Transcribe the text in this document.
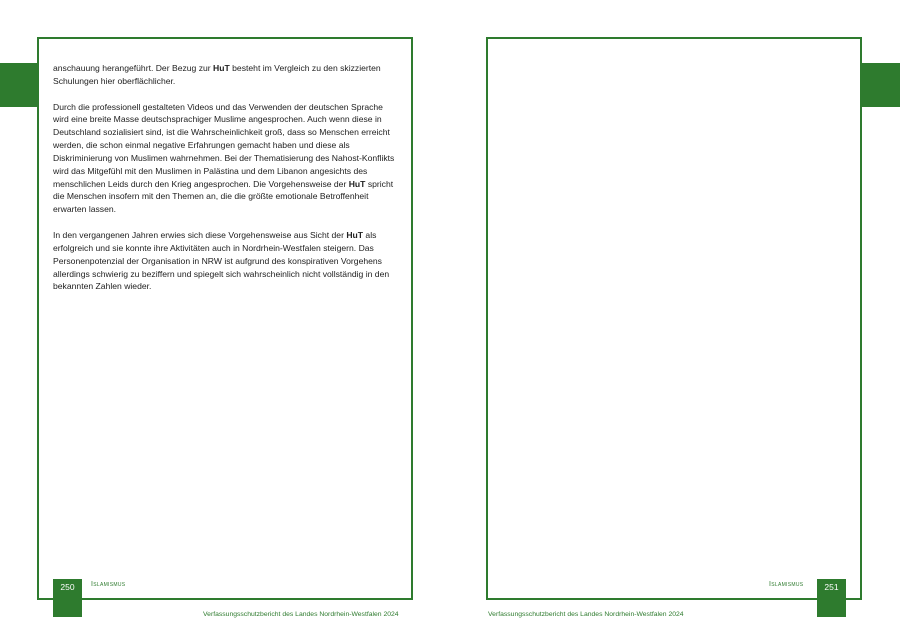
anschauung herangeführt. Der Bezug zur HuT besteht im Vergleich zu den skizzierten Schulungen hier oberflächlicher.

Durch die professionell gestalteten Videos und das Verwenden der deutschen Sprache wird eine breite Masse deutschsprachiger Muslime angesprochen. Auch wenn diese in Deutschland sozialisiert sind, ist die Wahrscheinlichkeit groß, dass so Menschen erreicht werden, die schon einmal negative Erfahrungen gemacht haben und diese als Diskriminierung von Muslimen wahrnehmen. Bei der Thematisierung des Nahost-Konflikts wird das Mitgefühl mit den Muslimen in Palästina und dem Libanon angesichts des menschlichen Leids durch den Krieg angesprochen. Die Vorgehensweise der HuT spricht die Menschen insofern mit den Themen an, die die größte emotionale Betroffenheit erwarten lassen.

In den vergangenen Jahren erwies sich diese Vorgehensweise aus Sicht der HuT als erfolgreich und sie konnte ihre Aktivitäten auch in Nordrhein-Westfalen steigern. Das Personenpotenzial der Organisation in NRW ist aufgrund des konspirativen Vorgehens allerdings schwierig zu beziffern und spiegelt sich wahrscheinlich nicht vollständig in den bekannten Zahlen wieder.

250	Islamismus
Verfassungsschutzbericht des Landes Nordrhein-Westfalen 2024
Islamismus	251
Verfassungsschutzbericht des Landes Nordrhein-Westfalen 2024
